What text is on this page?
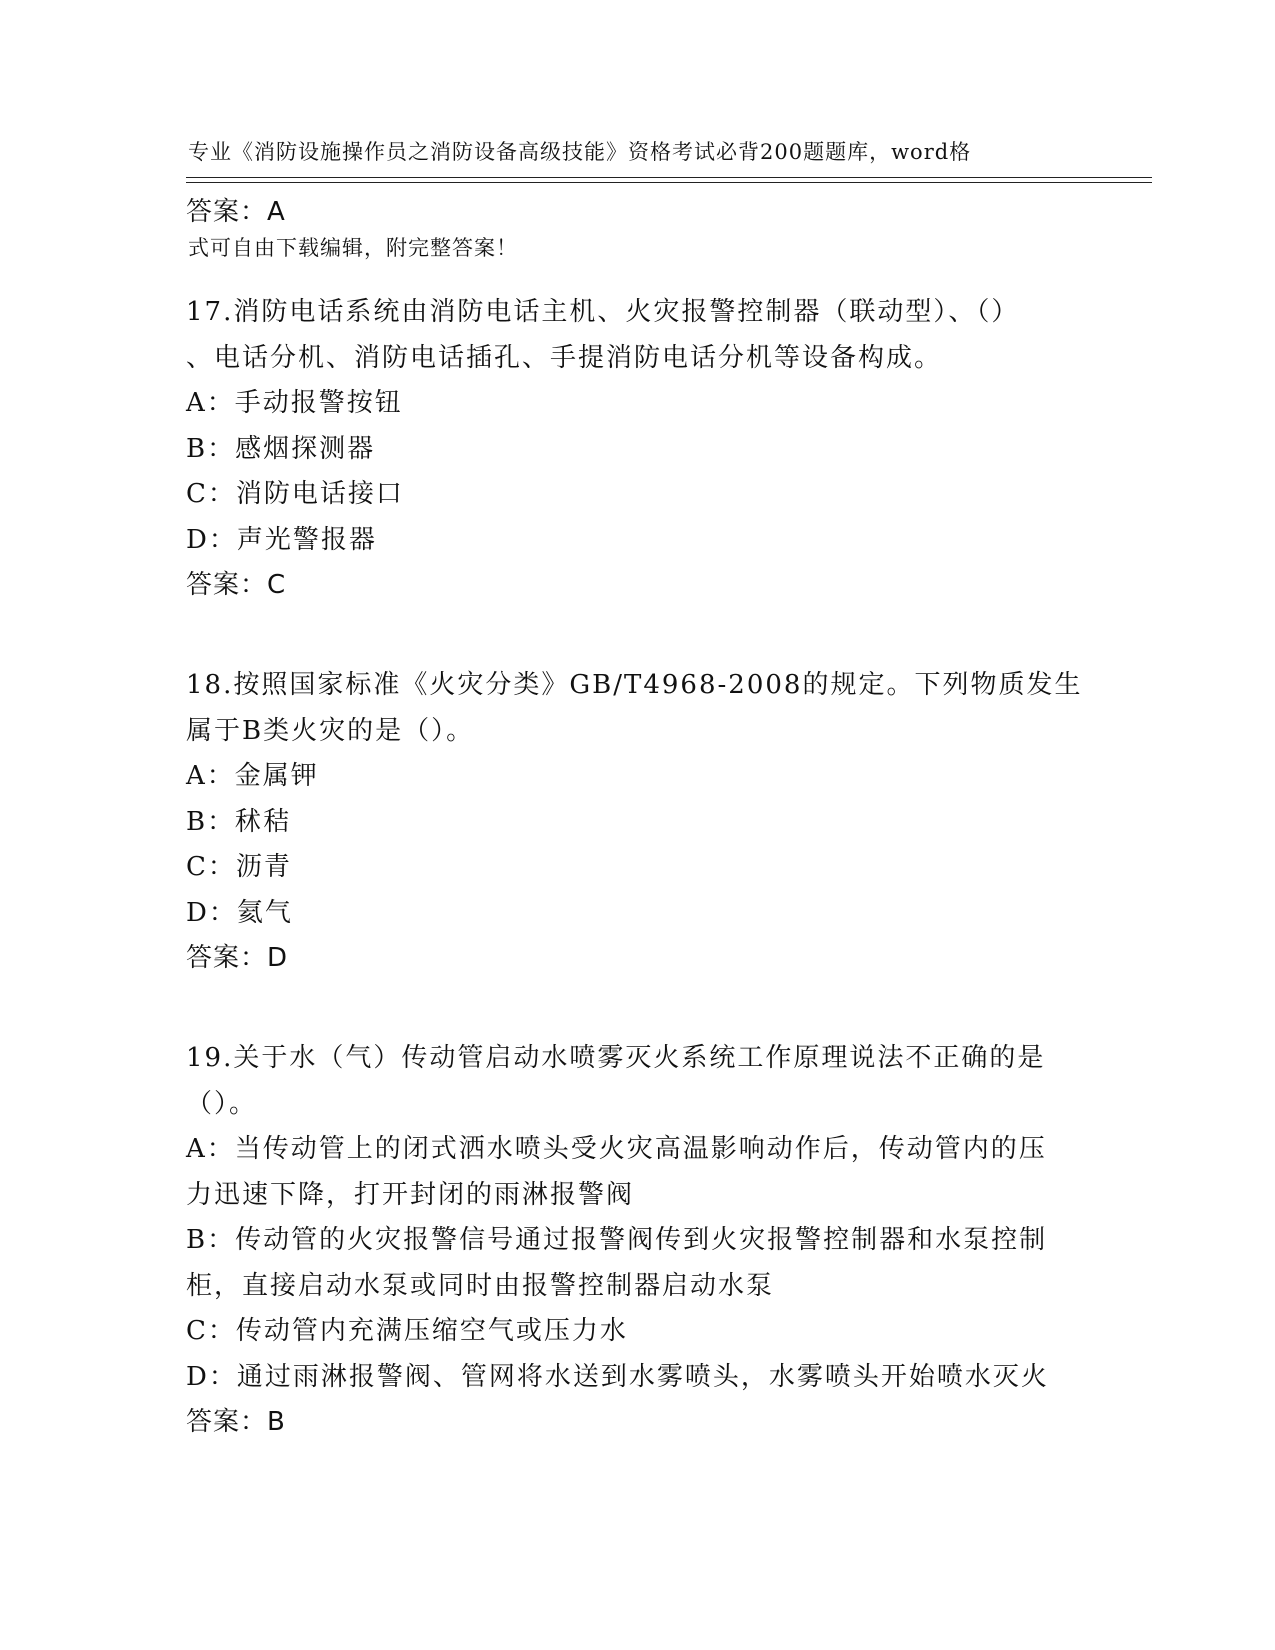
专业《消防设施操作员之消防设备高级技能》资格考试必背200题题库，word格

式可自由下载编辑，附完整答案！

答案：A
17.消防电话系统由消防电话主机、火灾报警控制器（联动型）、（）
、电话分机、消防电话插孔、手提消防电话分机等设备构成。
A：手动报警按钮
B：感烟探测器
C：消防电话接口
D：声光警报器
答案：C
18.按照国家标准《火灾分类》GB/T4968-2008的规定。下列物质发生
属于B类火灾的是（）。
A：金属钾
B：秫秸
C：沥青
D：氦气
答案：D
19.关于水（气）传动管启动水喷雾灭火系统工作原理说法不正确的是
（）。
A：当传动管上的闭式洒水喷头受火灾高温影响动作后，传动管内的压
力迅速下降，打开封闭的雨淋报警阀
B：传动管的火灾报警信号通过报警阀传到火灾报警控制器和水泵控制
柜，直接启动水泵或同时由报警控制器启动水泵
C：传动管内充满压缩空气或压力水
D：通过雨淋报警阀、管网将水送到水雾喷头，水雾喷头开始喷水灭火
答案：B
